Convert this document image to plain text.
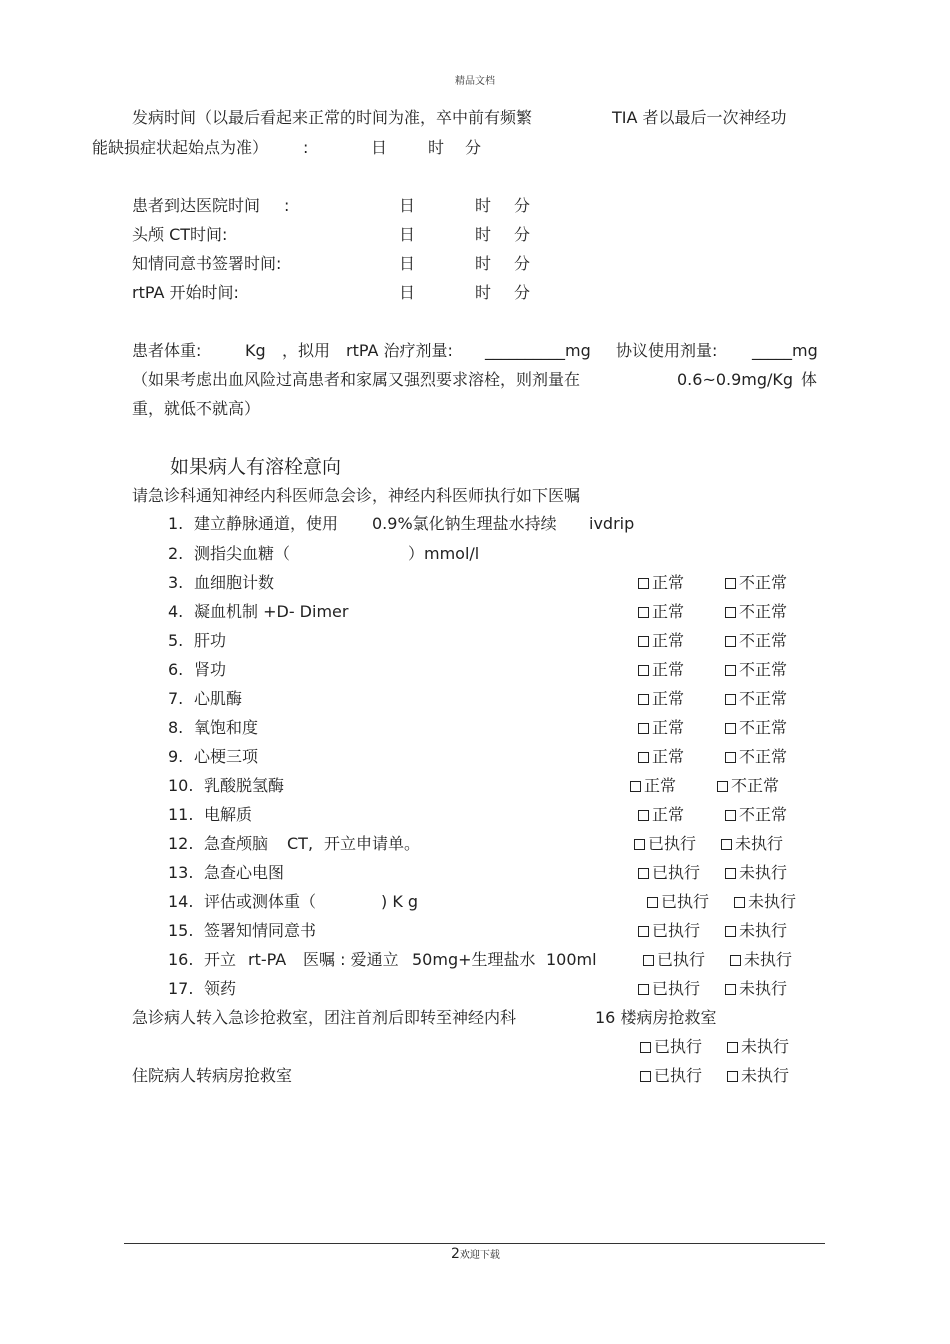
精品文档
发病时间（以最后看起来正常的时间为准，卒中前有频繁	TIA 者以最后一次神经功
能缺损症状起始点为准） :	日	时 分
患者到达医院时间 :	日	时 分
头颅 CT时间:	日	时 分
知情同意书签署时间:	日	时 分
rtPA 开始时间:	日	时 分
患者体重:	Kg ，拟用 rtPA 治疗剂量: __________mg 协议使用剂量: _____mg
（如果考虑出血风险过高患者和家属又强烈要求溶栓，则剂量在	0.6~0.9mg/Kg 体
重，就低不就高）
如果病人有溶栓意向
请急诊科通知神经内科医师急会诊，神经内科医师执行如下医嘱
1. 建立静脉通道，使用 0.9%氯化钠生理盐水持续 ivdrip
2. 测指尖血糖（	）mmol/l
3. 血细胞计数	正常	不正常
4. 凝血机制 +D- Dimer	正常	不正常
5. 肝功	正常	不正常
6. 肾功	正常	不正常
7. 心肌酶	正常	不正常
8. 氧饱和度	正常	不正常
9. 心梗三项	正常	不正常
10. 乳酸脱氢酶	正常	不正常
11. 电解质	正常	不正常
12. 急查颅脑 CT, 开立申请单。	已执行	未执行
13. 急查心电图	已执行	未执行
14. 评估或测体重（	) K g	已执行	未执行
15. 签署知情同意书	已执行	未执行
16. 开立 rt-PA 医嘱 : 爱通立 50mg+生理盐水 100ml	已执行	未执行
17. 领药	已执行	未执行
急诊病人转入急诊抢救室，团注首剂后即转至神经内科	16 楼病房抢救室
已执行	未执行
住院病人转病房抢救室	已执行	未执行
2欢迎下载
